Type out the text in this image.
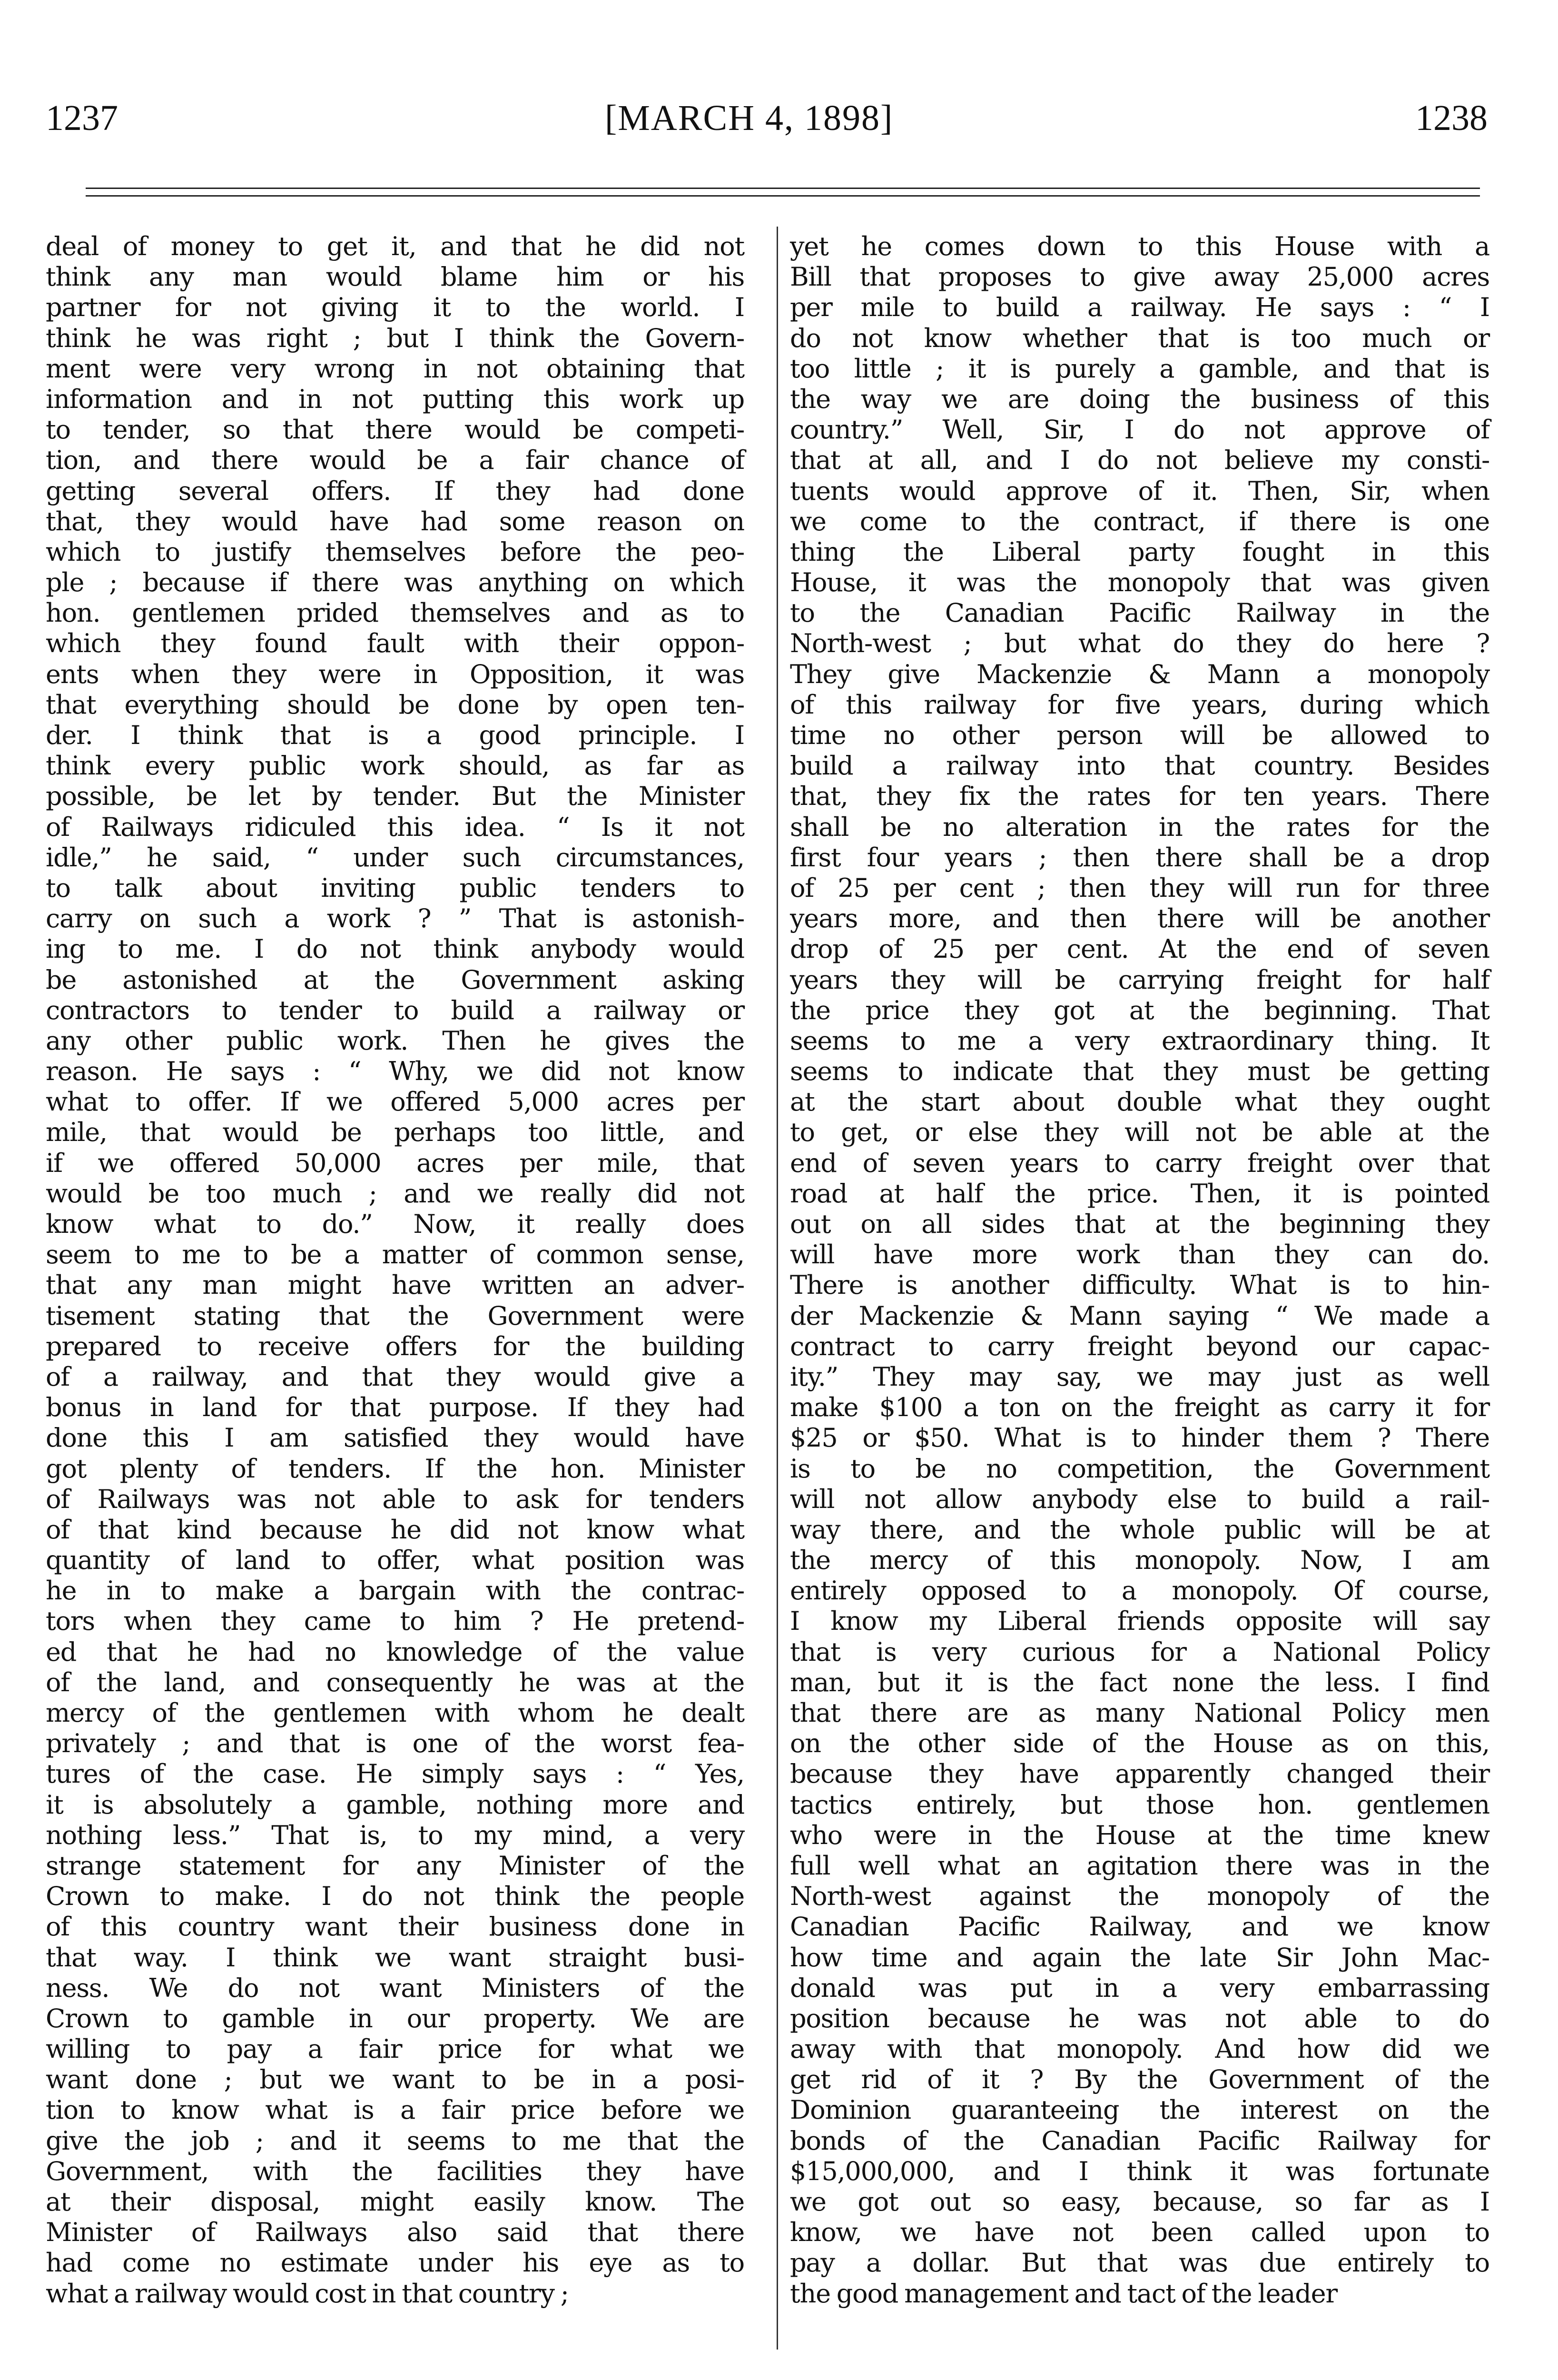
1237	[MARCH 4, 1898]	1238

deal of money to get it, and that he did not
think any man would blame him or his
partner for not giving it to the world. I
think he was right ; but I think the Govern-
ment were very wrong in not obtaining that
information and in not putting this work up
to tender, so that there would be competi-
tion, and there would be a fair chance of
getting several offers. If they had done
that, they would have had some reason on
which to justify themselves before the peo-
ple ; because if there was anything on which
hon. gentlemen prided themselves and as to
which they found fault with their oppon-
ents when they were in Opposition, it was
that everything should be done by open ten-
der. I think that is a good principle. I
think every public work should, as far as
possible, be let by tender. But the Minister
of Railways ridiculed this idea. “ Is it not
idle,” he said, “ under such circumstances,
to talk about inviting public tenders to
carry on such a work ? ” That is astonish-
ing to me. I do not think anybody would
be astonished at the Government asking
contractors to tender to build a railway or
any other public work. Then he gives the
reason. He says : “ Why, we did not know
what to offer. If we offered 5,000 acres per
mile, that would be perhaps too little, and
if we offered 50,000 acres per mile, that
would be too much ; and we really did not
know what to do.” Now, it really does
seem to me to be a matter of common sense,
that any man might have written an adver-
tisement stating that the Government were
prepared to receive offers for the building
of a railway, and that they would give a
bonus in land for that purpose. If they had
done this I am satisfied they would have
got plenty of tenders. If the hon. Minister
of Railways was not able to ask for tenders
of that kind because he did not know what
quantity of land to offer, what position was
he in to make a bargain with the contrac-
tors when they came to him ? He pretend-
ed that he had no knowledge of the value
of the land, and consequently he was at the
mercy of the gentlemen with whom he dealt
privately ; and that is one of the worst fea-
tures of the case. He simply says : “ Yes,
it is absolutely a gamble, nothing more and
nothing less.” That is, to my mind, a very
strange statement for any Minister of the
Crown to make. I do not think the people
of this country want their business done in
that way. I think we want straight busi-
ness. We do not want Ministers of the
Crown to gamble in our property. We are
willing to pay a fair price for what we
want done ; but we want to be in a posi-
tion to know what is a fair price before we
give the job ; and it seems to me that the
Government, with the facilities they have
at their disposal, might easily know. The
Minister of Railways also said that there
had come no estimate under his eye as to
what a railway would cost in that country ;

yet he comes down to this House with a
Bill that proposes to give away 25,000 acres
per mile to build a railway. He says : “ I
do not know whether that is too much or
too little ; it is purely a gamble, and that is
the way we are doing the business of this
country.” Well, Sir, I do not approve of
that at all, and I do not believe my consti-
tuents would approve of it. Then, Sir, when
we come to the contract, if there is one
thing the Liberal party fought in this
House, it was the monopoly that was given
to the Canadian Pacific Railway in the
North-west ; but what do they do here ?
They give Mackenzie & Mann a monopoly
of this railway for five years, during which
time no other person will be allowed to
build a railway into that country. Besides
that, they fix the rates for ten years. There
shall be no alteration in the rates for the
first four years ; then there shall be a drop
of 25 per cent ; then they will run for three
years more, and then there will be another
drop of 25 per cent. At the end of seven
years they will be carrying freight for half
the price they got at the beginning. That
seems to me a very extraordinary thing. It
seems to indicate that they must be getting
at the start about double what they ought
to get, or else they will not be able at the
end of seven years to carry freight over that
road at half the price. Then, it is pointed
out on all sides that at the beginning they
will have more work than they can do.
There is another difficulty. What is to hin-
der Mackenzie & Mann saying “ We made a
contract to carry freight beyond our capac-
ity.” They may say, we may just as well
make $100 a ton on the freight as carry it for
$25 or $50. What is to hinder them ? There
is to be no competition, the Government
will not allow anybody else to build a rail-
way there, and the whole public will be at
the mercy of this monopoly. Now, I am
entirely opposed to a monopoly. Of course,
I know my Liberal friends opposite will say
that is very curious for a National Policy
man, but it is the fact none the less. I find
that there are as many National Policy men
on the other side of the House as on this,
because they have apparently changed their
tactics entirely, but those hon. gentlemen
who were in the House at the time knew
full well what an agitation there was in the
North-west against the monopoly of the
Canadian Pacific Railway, and we know
how time and again the late Sir John Mac-
donald was put in a very embarrassing
position because he was not able to do
away with that monopoly. And how did we
get rid of it ? By the Government of the
Dominion guaranteeing the interest on the
bonds of the Canadian Pacific Railway for
$15,000,000, and I think it was fortunate
we got out so easy, because, so far as I
know, we have not been called upon to
pay a dollar. But that was due entirely to
the good management and tact of the leader
